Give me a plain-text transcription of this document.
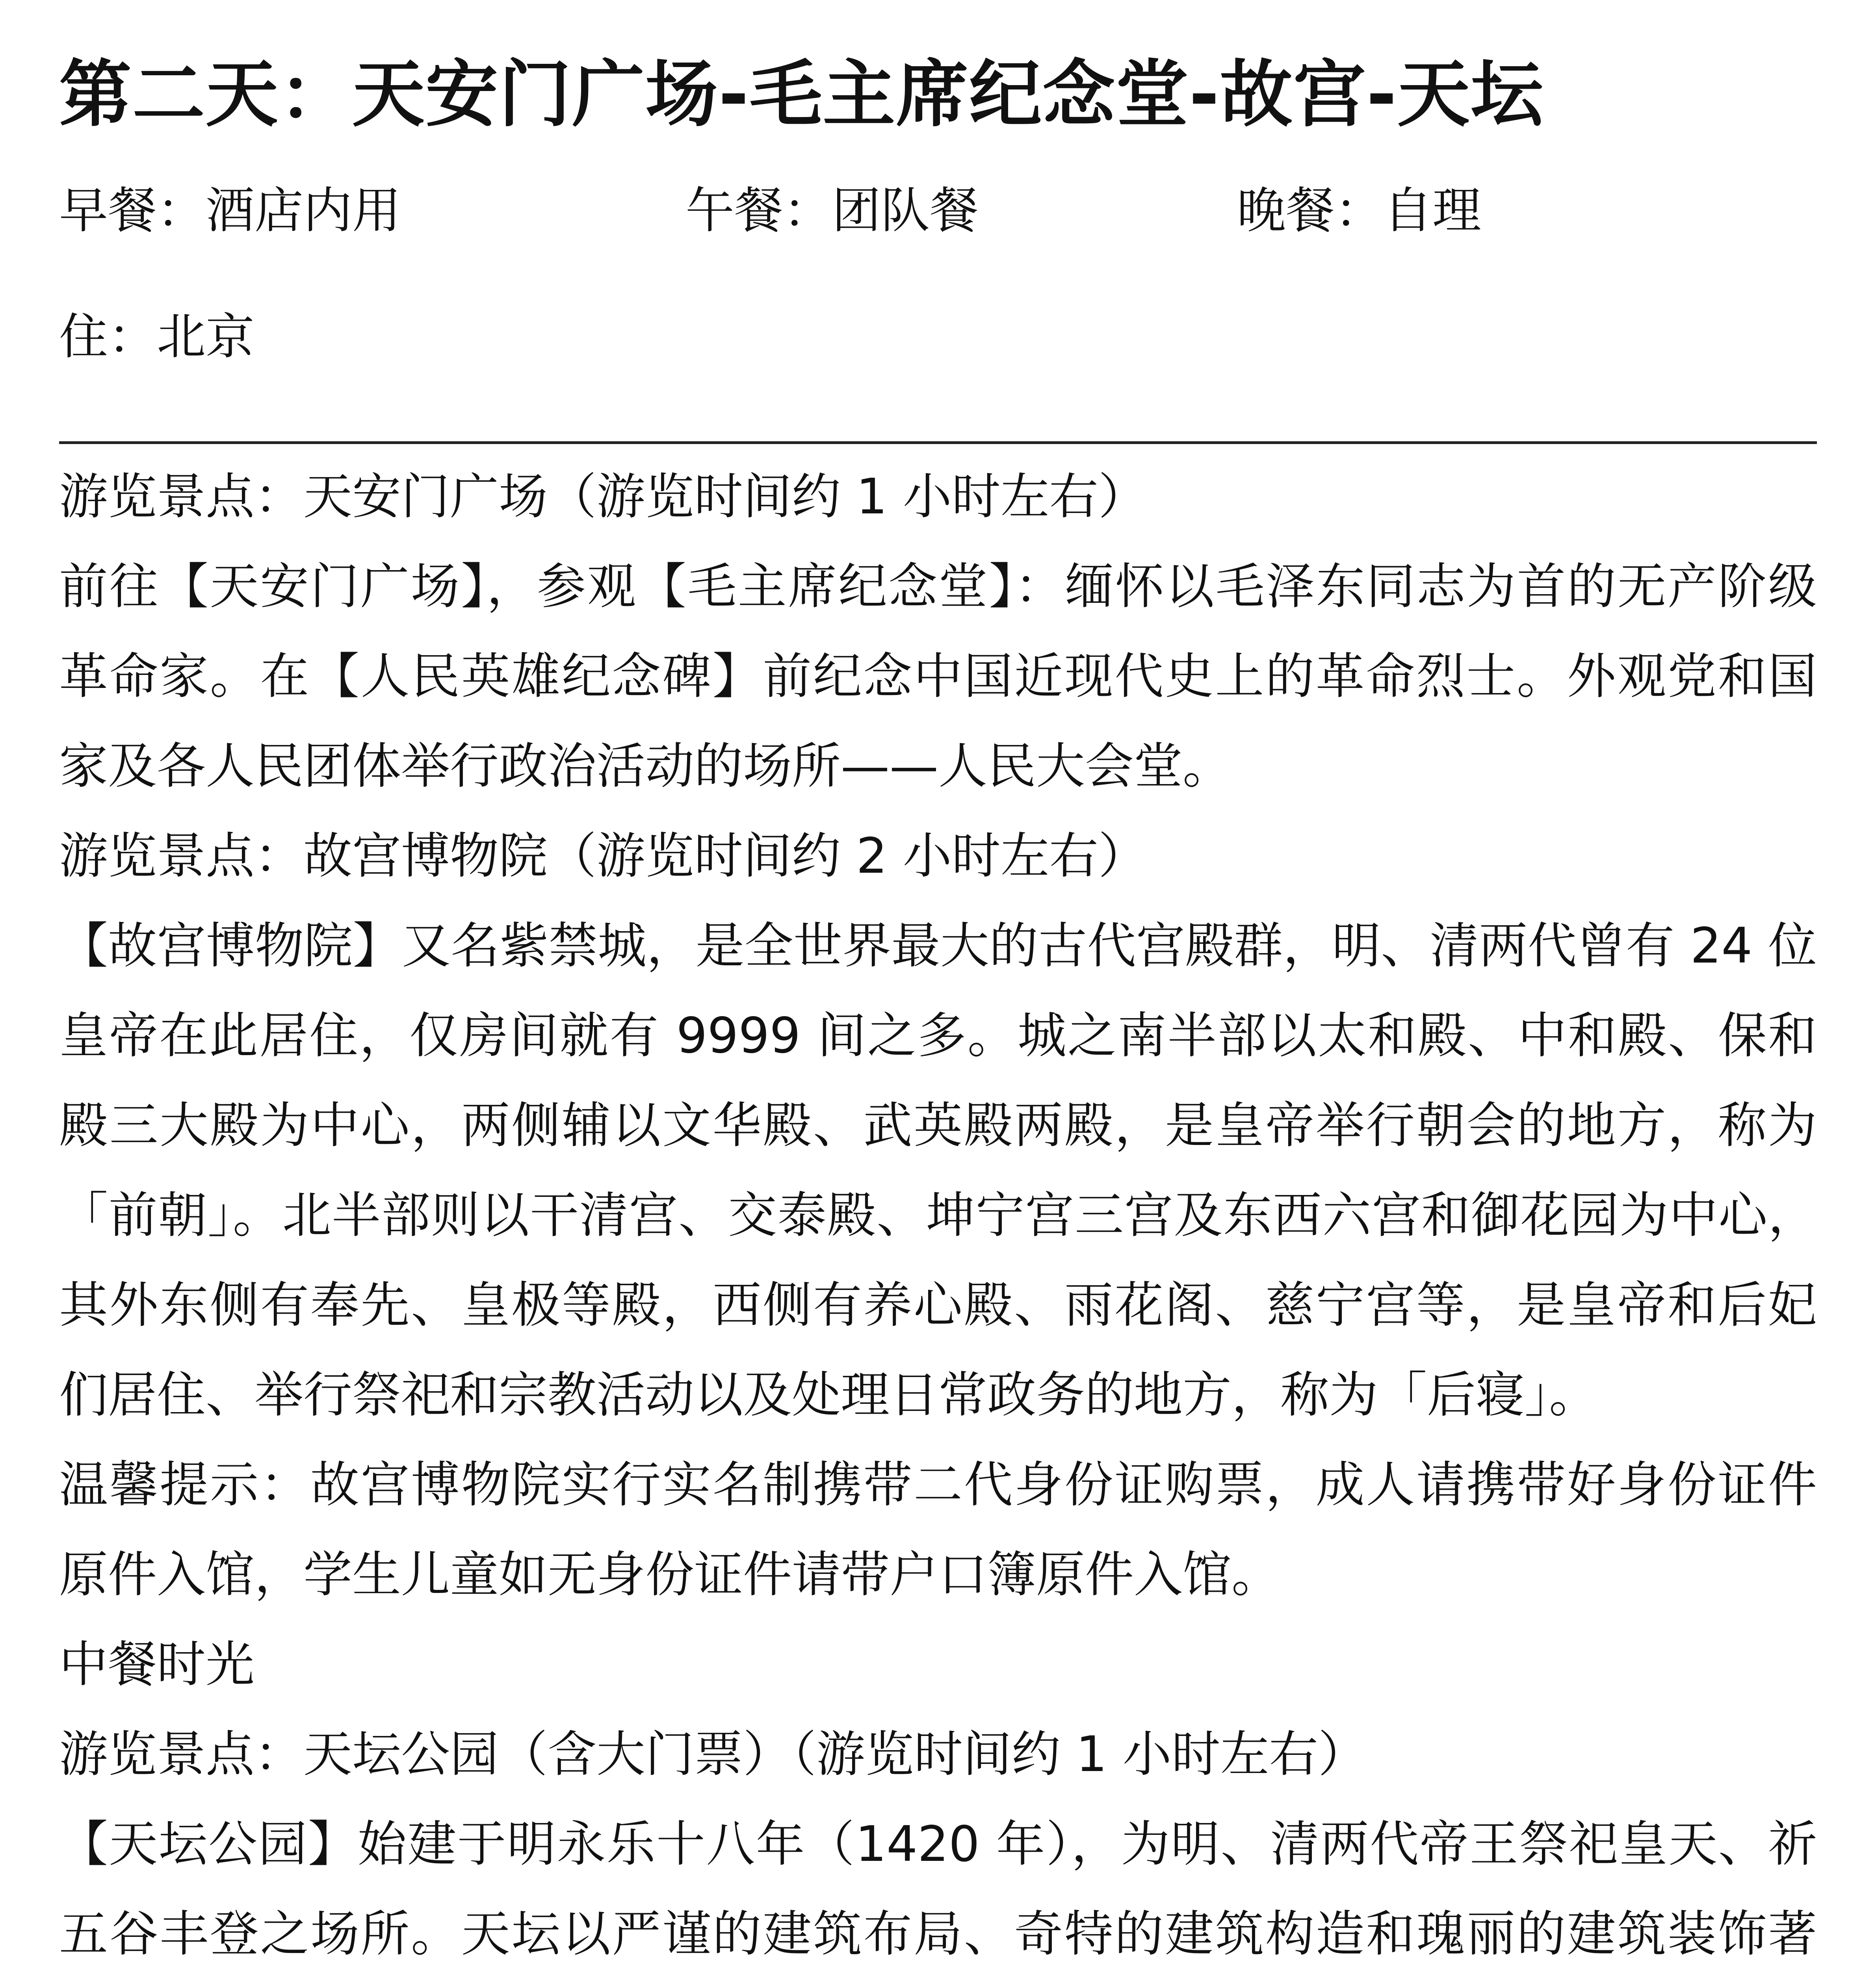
第二天：天安门广场-毛主席纪念堂-故宫-天坛
早餐：酒店内用	午餐：团队餐	晚餐：自理
住：北京

游览景点：天安门广场（游览时间约 1 小时左右）

前往【天安门广场】，参观【毛主席纪念堂】：缅怀以毛泽东同志为首的无产阶级革命家。在【人民英雄纪念碑】前纪念中国近现代史上的革命烈士。外观党和国家及各人民团体举行政治活动的场所——人民大会堂。

游览景点：故宫博物院（游览时间约 2 小时左右）

【故宫博物院】又名紫禁城，是全世界最大的古代宫殿群，明、清两代曾有 24 位皇帝在此居住，仅房间就有 9999 间之多。城之南半部以太和殿、中和殿、保和殿三大殿为中心，两侧辅以文华殿、武英殿两殿，是皇帝举行朝会的地方，称为「前朝」。北半部则以干清宫、交泰殿、坤宁宫三宫及东西六宫和御花园为中心，其外东侧有奉先、皇极等殿，西侧有养心殿、雨花阁、慈宁宫等，是皇帝和后妃们居住、举行祭祀和宗教活动以及处理日常政务的地方，称为「后寝」。

温馨提示：故宫博物院实行实名制携带二代身份证购票，成人请携带好身份证件原件入馆，学生儿童如无身份证件请带户口簿原件入馆。

中餐时光

游览景点：天坛公园（含大门票）（游览时间约 1 小时左右）

【天坛公园】始建于明永乐十八年（1420 年），为明、清两代帝王祭祀皇天、祈五谷丰登之场所。天坛以严谨的建筑布局、奇特的建筑构造和瑰丽的建筑装饰著
